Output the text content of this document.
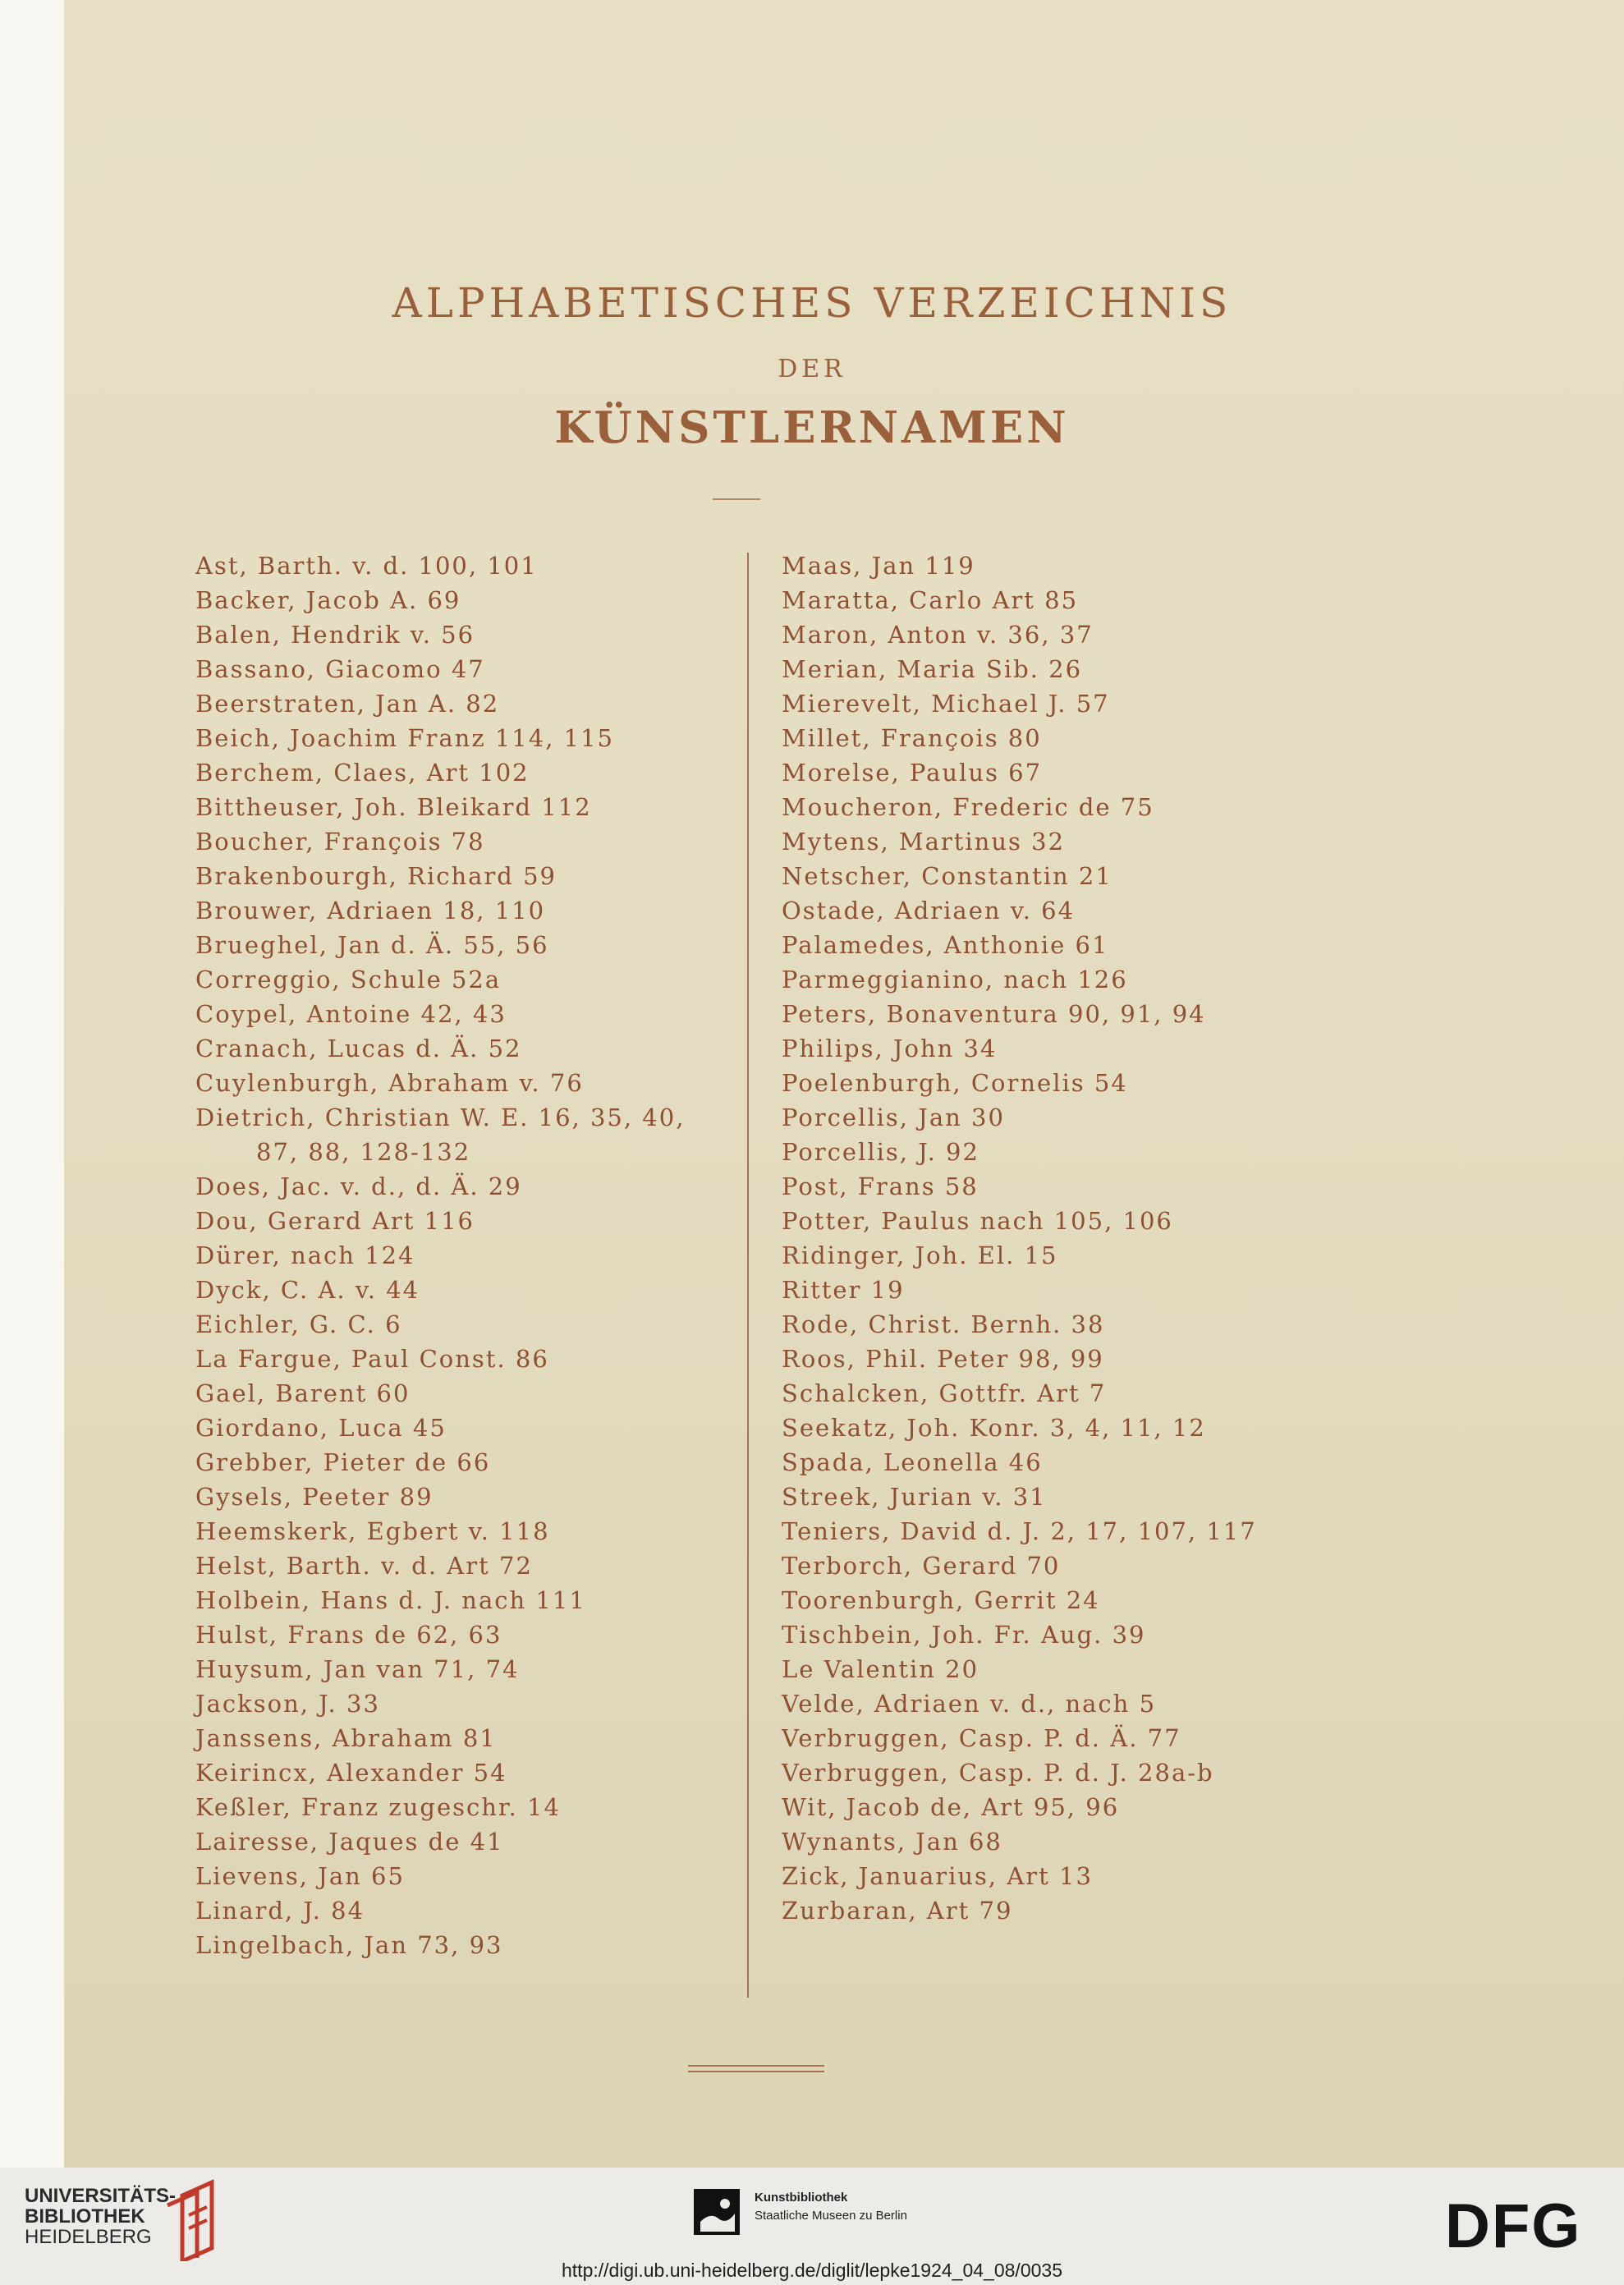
ALPHABETISCHES VERZEICHNIS
DER
KÜNSTLERNAMEN
Ast, Barth. v. d. 100, 101
Backer, Jacob A. 69
Balen, Hendrik v. 56
Bassano, Giacomo 47
Beerstraten, Jan A. 82
Beich, Joachim Franz 114, 115
Berchem, Claes, Art 102
Bittheuser, Joh. Bleikard 112
Boucher, François 78
Brakenbourgh, Richard 59
Brouwer, Adriaen 18, 110
Brueghel, Jan d. Ä. 55, 56
Correggio, Schule 52a
Coypel, Antoine 42, 43
Cranach, Lucas d. Ä. 52
Cuylenburgh, Abraham v. 76
Dietrich, Christian W. E. 16, 35, 40,
87, 88, 128-132
Does, Jac. v. d., d. Ä. 29
Dou, Gerard Art 116
Dürer, nach 124
Dyck, C. A. v. 44
Eichler, G. C. 6
La Fargue, Paul Const. 86
Gael, Barent 60
Giordano, Luca 45
Grebber, Pieter de 66
Gysels, Peeter 89
Heemskerk, Egbert v. 118
Helst, Barth. v. d. Art 72
Holbein, Hans d. J. nach 111
Hulst, Frans de 62, 63
Huysum, Jan van 71, 74
Jackson, J. 33
Janssens, Abraham 81
Keirincx, Alexander 54
Keßler, Franz zugeschr. 14
Lairesse, Jaques de 41
Lievens, Jan 65
Linard, J. 84
Lingelbach, Jan 73, 93
Maas, Jan 119
Maratta, Carlo Art 85
Maron, Anton v. 36, 37
Merian, Maria Sib. 26
Mierevelt, Michael J. 57
Millet, François 80
Morelse, Paulus 67
Moucheron, Frederic de 75
Mytens, Martinus 32
Netscher, Constantin 21
Ostade, Adriaen v. 64
Palamedes, Anthonie 61
Parmeggianino, nach 126
Peters, Bonaventura 90, 91, 94
Philips, John 34
Poelenburgh, Cornelis 54
Porcellis, Jan 30
Porcellis, J. 92
Post, Frans 58
Potter, Paulus nach 105, 106
Ridinger, Joh. El. 15
Ritter 19
Rode, Christ. Bernh. 38
Roos, Phil. Peter 98, 99
Schalcken, Gottfr. Art 7
Seekatz, Joh. Konr. 3, 4, 11, 12
Spada, Leonella 46
Streek, Jurian v. 31
Teniers, David d. J. 2, 17, 107, 117
Terborch, Gerard 70
Toorenburgh, Gerrit 24
Tischbein, Joh. Fr. Aug. 39
Le Valentin 20
Velde, Adriaen v. d., nach 5
Verbruggen, Casp. P. d. Ä. 77
Verbruggen, Casp. P. d. J. 28a-b
Wit, Jacob de, Art 95, 96
Wynants, Jan 68
Zick, Januarius, Art 13
Zurbaran, Art 79
UNIVERSITÄTS-
BIBLIOTHEK
HEIDELBERG
Kunstbibliothek
Staatliche Museen zu Berlin	DFG
http://digi.ub.uni-heidelberg.de/diglit/lepke1924_04_08/0035
